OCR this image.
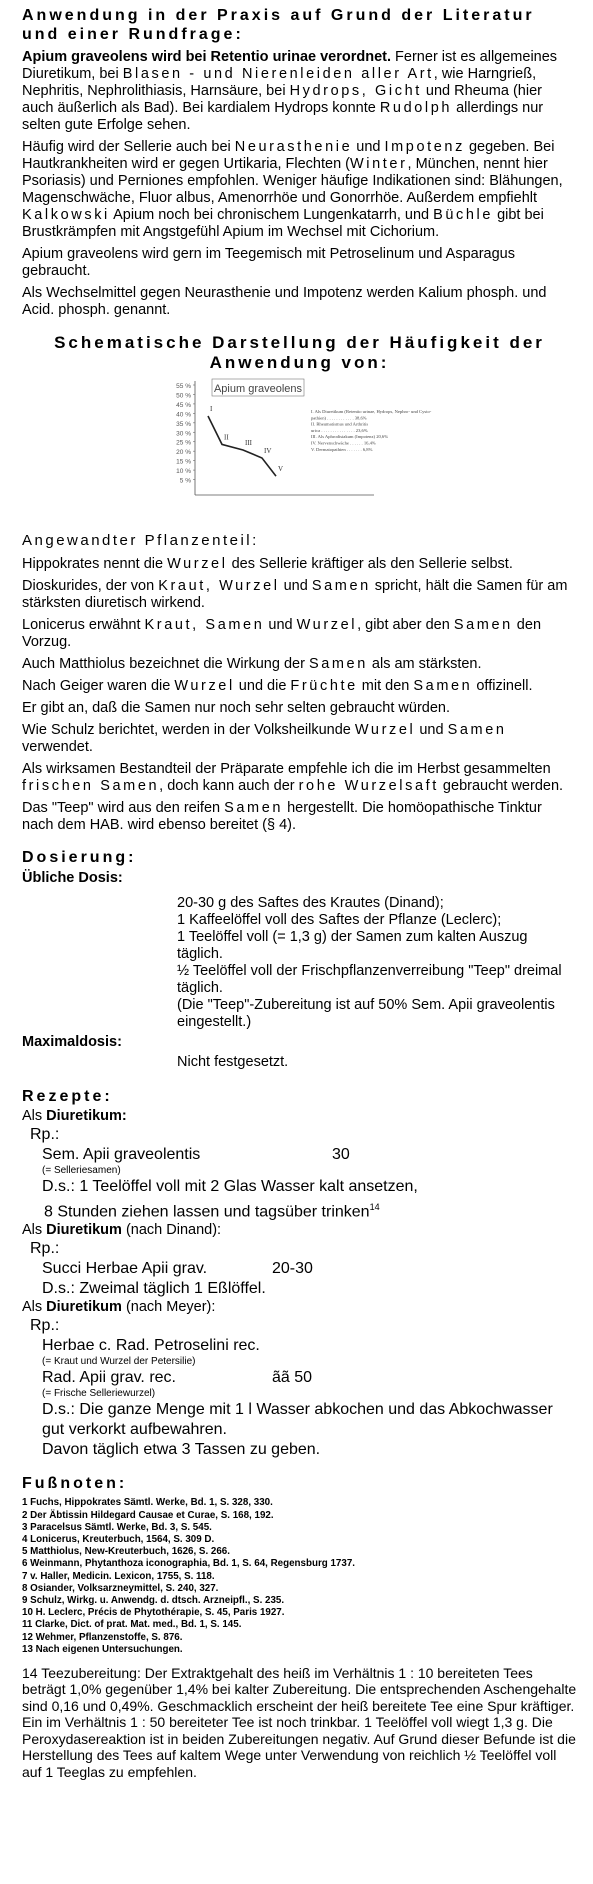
Anwendung in der Praxis auf Grund der Literatur und einer Rundfrage:

Apium graveolens wird bei Retentio urinae verordnet. Ferner ist es allgemeines Diuretikum, bei Blasen - und Nierenleiden aller Art, wie Harngrieß, Nephritis, Nephrolithiasis, Harnsäure, bei Hydrops, Gicht und Rheuma (hier auch äußerlich als Bad). Bei kardialem Hydrops konnte Rudolph allerdings nur selten gute Erfolge sehen.

Häufig wird der Sellerie auch bei Neurasthenie und Impotenz gegeben. Bei Hautkrankheiten wird er gegen Urtikaria, Flechten (Winter, München, nennt hier Psoriasis) und Perniones empfohlen. Weniger häufige Indikationen sind: Blähungen, Magenschwäche, Fluor albus, Amenorrhöe und Gonorrhöe. Außerdem empfiehlt Kalkowski Apium noch bei chronischem Lungenkatarrh, und Büchle gibt bei Brustkrämpfen mit Angstgefühl Apium im Wechsel mit Cichorium.

Apium graveolens wird gern im Teegemisch mit Petroselinum und Asparagus gebraucht.

Als Wechselmittel gegen Neurasthenie und Impotenz werden Kalium phosph. und Acid. phosph. genannt.

Schematische Darstellung der Häufigkeit der Anwendung von:
55 %
50 %
45 %
40 %
35 %
30 %
25 %
20 %
15 %
10 %
5 %
Apium graveolens
I
II
III
IV
V
I. Als Diuretikum (Retentio urinae, Hydrops, Nephro- und Cysto-
pathien) . . . . . . . . . . . . 38,6%
II. Rheumatismus und Arthritis
urica . . . . . . . . . . . . . . . 23,6%
III. Als Aphrodisiakum (Impotenz) 20,6%
IV. Nervenschwäche . . . . . . 16,4%
V. Dermatopathien . . . . . . . 6,8%
Angewandter Pflanzenteil:

Hippokrates nennt die Wurzel des Sellerie kräftiger als den Sellerie selbst.

Dioskurides, der von Kraut, Wurzel und Samen spricht, hält die Samen für am stärksten diuretisch wirkend.

Lonicerus erwähnt Kraut, Samen und Wurzel, gibt aber den Samen den Vorzug.

Auch Matthiolus bezeichnet die Wirkung der Samen als am stärksten.

Nach Geiger waren die Wurzel und die Früchte mit den Samen offizinell.

Er gibt an, daß die Samen nur noch sehr selten gebraucht würden.

Wie Schulz berichtet, werden in der Volksheilkunde Wurzel und Samen verwendet.

Als wirksamen Bestandteil der Präparate empfehle ich die im Herbst gesammelten frischen Samen, doch kann auch der rohe Wurzelsaft gebraucht werden.

Das "Teep" wird aus den reifen Samen hergestellt. Die homöopathische Tinktur nach dem HAB. wird ebenso bereitet (§ 4).

Dosierung:
Übliche Dosis:
20-30 g des Saftes des Krautes (Dinand);
1 Kaffeelöffel voll des Saftes der Pflanze (Leclerc);
1 Teelöffel voll (= 1,3 g) der Samen zum kalten Auszug täglich.
½ Teelöffel voll der Frischpflanzenverreibung "Teep" dreimal täglich.
(Die "Teep"-Zubereitung ist auf 50% Sem. Apii graveolentis eingestellt.)
Maximaldosis:
Nicht festgesetzt.
Rezepte:
Als Diuretikum:
Rp.:
Sem. Apii graveolentis	30
(= Selleriesamen)
D.s.: 1 Teelöffel voll mit 2 Glas Wasser kalt ansetzen,
8 Stunden ziehen lassen und tagsüber trinken$^{14}$
Als Diuretikum (nach Dinand):
Rp.:
Succi Herbae Apii grav.	20-30
D.s.: Zweimal täglich 1 Eßlöffel.
Als Diuretikum (nach Meyer):
Rp.:
Herbae c. Rad. Petroselini rec.
(= Kraut und Wurzel der Petersilie)
Rad. Apii grav. rec.	ãã 50
(= Frische Selleriewurzel)
D.s.: Die ganze Menge mit 1 l Wasser abkochen und das Abkochwasser gut verkorkt aufbewahren.
Davon täglich etwa 3 Tassen zu geben.
Fußnoten:
1 Fuchs, Hippokrates Sämtl. Werke, Bd. 1, S. 328, 330.
2 Der Äbtissin Hildegard Causae et Curae, S. 168, 192.
3 Paracelsus Sämtl. Werke, Bd. 3, S. 545.
4 Lonicerus, Kreuterbuch, 1564, S. 309 D.
5 Matthiolus, New-Kreuterbuch, 1626, S. 266.
6 Weinmann, Phytanthoza iconographia, Bd. 1, S. 64, Regensburg 1737.
7 v. Haller, Medicin. Lexicon, 1755, S. 118.
8 Osiander, Volksarzneymittel, S. 240, 327.
9 Schulz, Wirkg. u. Anwendg. d. dtsch. Arzneipfl., S. 235.
10 H. Leclerc, Précis de Phytothérapie, S. 45, Paris 1927.
11 Clarke, Dict. of prat. Mat. med., Bd. 1, S. 145.
12 Wehmer, Pflanzenstoffe, S. 876.
13 Nach eigenen Untersuchungen.

14 Teezubereitung: Der Extraktgehalt des heiß im Verhältnis 1 : 10 bereiteten Tees beträgt 1,0% gegenüber 1,4% bei kalter Zubereitung. Die entsprechenden Aschengehalte sind 0,16 und 0,49%. Geschmacklich erscheint der heiß bereitete Tee eine Spur kräftiger. Ein im Verhältnis 1 : 50 bereiteter Tee ist noch trinkbar. 1 Teelöffel voll wiegt 1,3 g. Die Peroxydasereaktion ist in beiden Zubereitungen negativ. Auf Grund dieser Befunde ist die Herstellung des Tees auf kaltem Wege unter Verwendung von reichlich ½ Teelöffel voll auf 1 Teeglas zu empfehlen.
